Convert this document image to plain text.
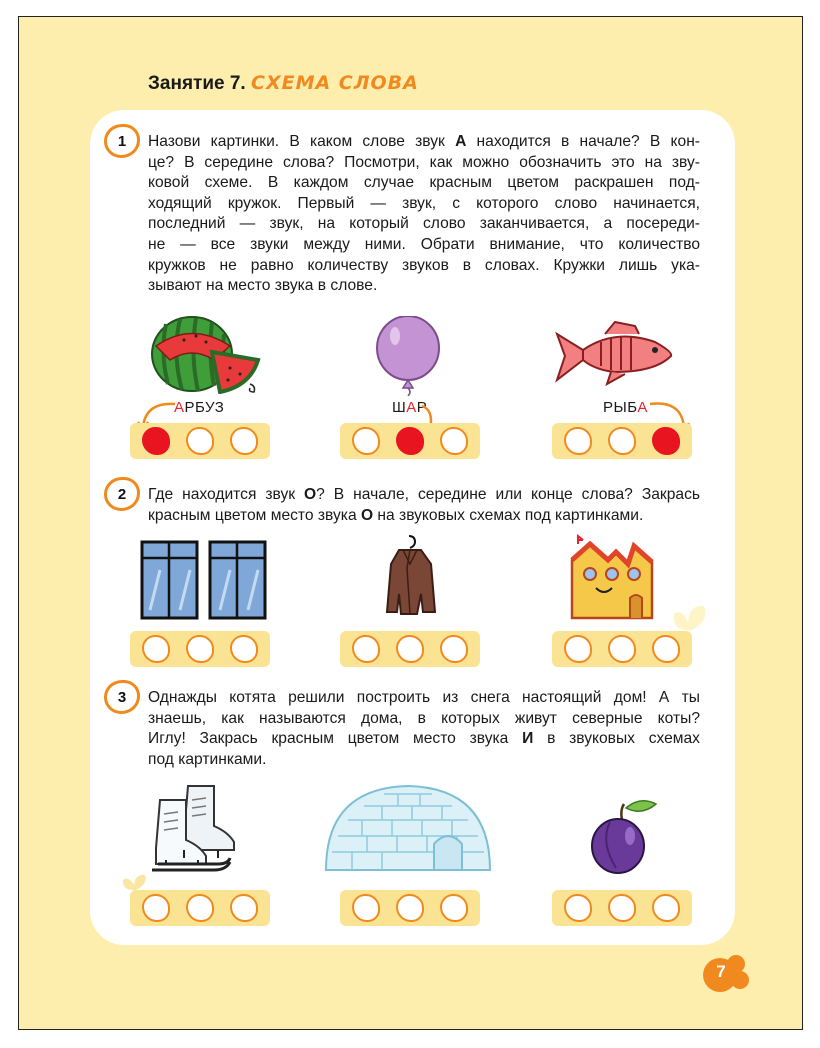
Занятие 7. СХЕМА СЛОВА
1	Назови картинки. В каком слове звук А находится в начале? В кон-

це? В середине слова? Посмотри, как можно обозначить это на зву-

ковой схеме. В каждом случае красным цветом раскрашен под-

ходящий кружок. Первый — звук, с которого слово начинается,

последний — звук, на который слово заканчивается, а посереди-

не — все звуки между ними. Обрати внимание, что количество

кружков не равно количеству звуков в словах. Кружки лишь ука-

зывают на место звука в слове.

АРБУЗ	ШАР	РЫБА
2	Где находится звук О? В начале, середине или конце слова? Закрась

красным цветом место звука О на звуковых схемах под картинками.

3	Однажды котята решили построить из снега настоящий дом! А ты

знаешь, как называются дома, в которых живут северные коты?

Иглу! Закрась красным цветом место звука И в звуковых схемах

под картинками.

7
